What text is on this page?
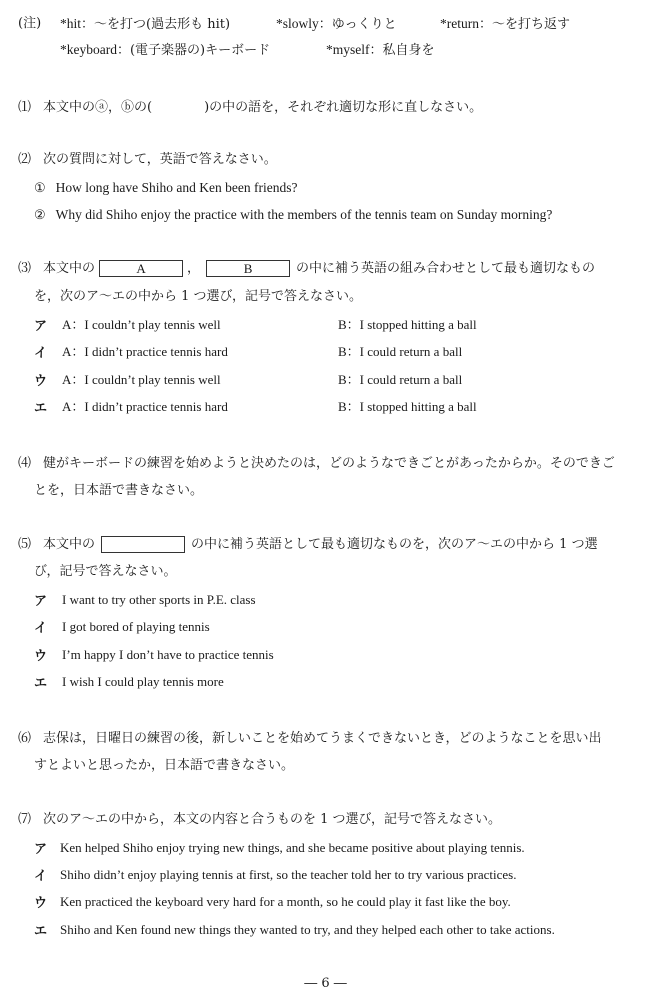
(注) *hit：～を打つ(過去形も hit)	*slowly：ゆっくりと	*return：～を打ち返す
*keyboard：(電子楽器の)キーボード	*myself：私自身を
⑴ 本文中のⓐ，ⓑの(　　　　)の中の語を，それぞれ適切な形に直しなさい。
⑵ 次の質問に対して，英語で答えなさい。
① How long have Shiho and Ken been friends?
② Why did Shiho enjoy the practice with the members of the tennis team on Sunday morning?
⑶ 本文中の	A	，	B	の中に補う英語の組み合わせとして最も適切なもの
を，次のア～エの中から 1 つ選び，記号で答えなさい。
ア A：I couldn’t play tennis well	B：I stopped hitting a ball
イ A：I didn’t practice tennis hard	B：I could return a ball
ウ A：I couldn’t play tennis well	B：I could return a ball
エ A：I didn’t practice tennis hard	B：I stopped hitting a ball
⑷ 健がキーボードの練習を始めようと決めたのは，どのようなできごとがあったからか。そのできご
とを，日本語で書きなさい。
⑸ 本文中の	の中に補う英語として最も適切なものを，次のア～エの中から 1 つ選
び，記号で答えなさい。
ア I want to try other sports in P.E. class
イ I got bored of playing tennis
ウ I’m happy I don’t have to practice tennis
エ I wish I could play tennis more
⑹ 志保は，日曜日の練習の後，新しいことを始めてうまくできないとき，どのようなことを思い出
すとよいと思ったか，日本語で書きなさい。
⑺ 次のア～エの中から，本文の内容と合うものを 1 つ選び，記号で答えなさい。
ア Ken helped Shiho enjoy trying new things, and she became positive about playing tennis.
イ Shiho didn’t enjoy playing tennis at first, so the teacher told her to try various practices.
ウ Ken practiced the keyboard very hard for a month, so he could play it fast like the boy.
エ Shiho and Ken found new things they wanted to try, and they helped each other to take actions.
― 6 ―
